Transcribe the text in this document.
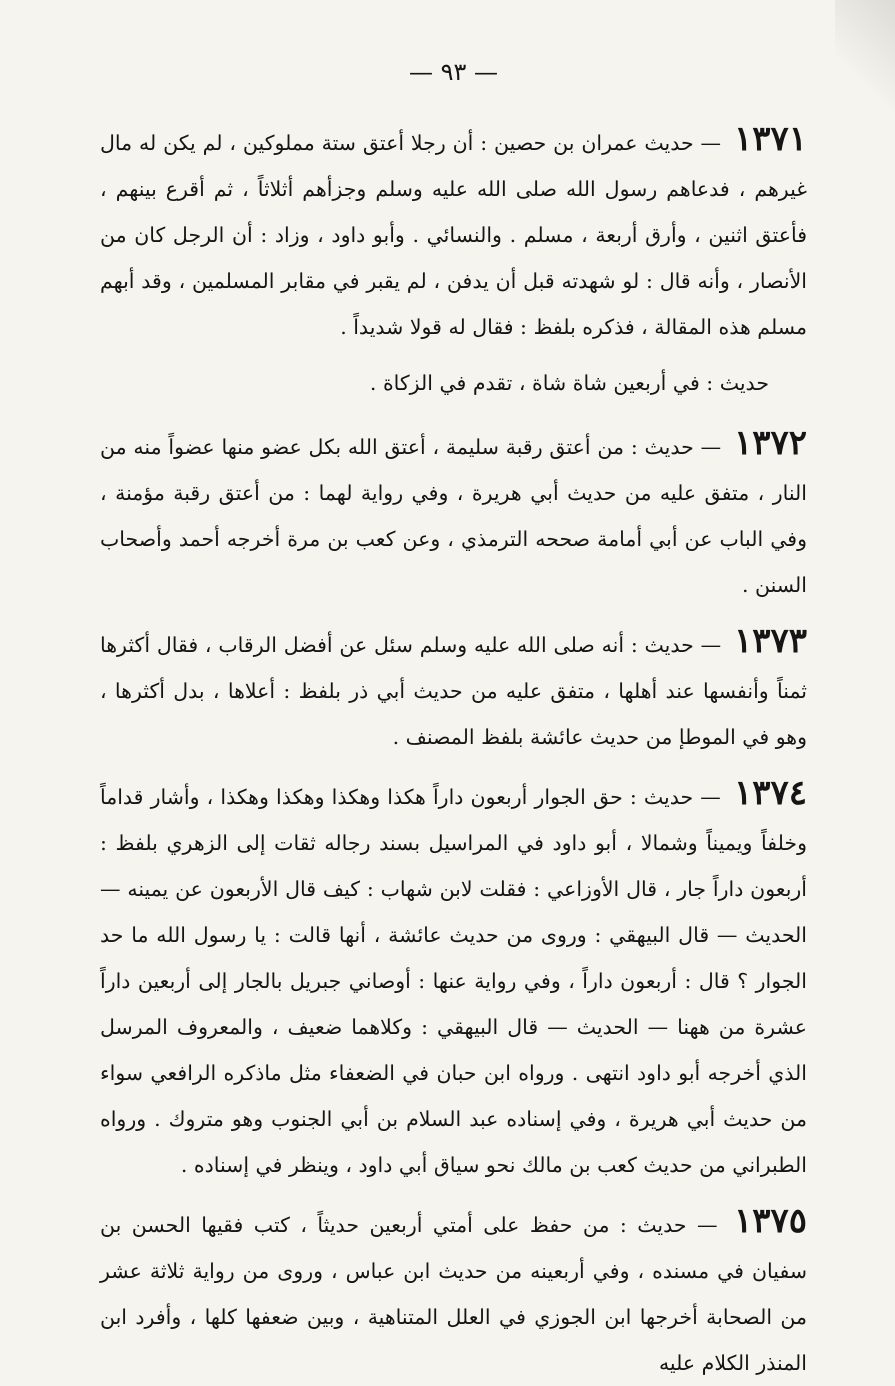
— ٩٣ —

١٣٧١ — حديث عمران بن حصين : أن رجلا أعتق ستة مملوكين ، لم يكن له مال غيرهم ، فدعاهم رسول الله صلى الله عليه وسلم وجزأهم أثلاثاً ، ثم أقرع بينهم ، فأعتق اثنين ، وأرق أربعة ، مسلم . والنسائي . وأبو داود ، وزاد : أن الرجل كان من الأنصار ، وأنه قال : لو شهدته قبل أن يدفن ، لم يقبر في مقابر المسلمين ، وقد أبهم مسلم هذه المقالة ، فذكره بلفظ : فقال له قولا شديداً .

حديث : في أربعين شاة شاة ، تقدم في الزكاة .

١٣٧٢ — حديث : من أعتق رقبة سليمة ، أعتق الله بكل عضو منها عضواً منه من النار ، متفق عليه من حديث أبي هريرة ، وفي رواية لهما : من أعتق رقبة مؤمنة ، وفي الباب عن أبي أمامة صححه الترمذي ، وعن كعب بن مرة أخرجه أحمد وأصحاب السنن .

١٣٧٣ — حديث : أنه صلى الله عليه وسلم سئل عن أفضل الرقاب ، فقال أكثرها ثمناً وأنفسها عند أهلها ، متفق عليه من حديث أبي ذر بلفظ : أعلاها ، بدل أكثرها ، وهو في الموطإ من حديث عائشة بلفظ المصنف .

١٣٧٤ — حديث : حق الجوار أربعون داراً هكذا وهكذا وهكذا وهكذا ، وأشار قداماً وخلفاً ويميناً وشمالا ، أبو داود في المراسيل بسند رجاله ثقات إلى الزهري بلفظ : أربعون داراً جار ، قال الأوزاعي : فقلت لابن شهاب : كيف قال الأربعون عن يمينه — الحديث — قال البيهقي : وروى من حديث عائشة ، أنها قالت : يا رسول الله ما حد الجوار ؟ قال : أربعون داراً ، وفي رواية عنها : أوصاني جبريل بالجار إلى أربعين داراً عشرة من ههنا — الحديث — قال البيهقي : وكلاهما ضعيف ، والمعروف المرسل الذي أخرجه أبو داود انتهى . ورواه ابن حبان في الضعفاء مثل ماذكره الرافعي سواء من حديث أبي هريرة ، وفي إسناده عبد السلام بن أبي الجنوب وهو متروك . ورواه الطبراني من حديث كعب بن مالك نحو سياق أبي داود ، وينظر في إسناده .

١٣٧٥ — حديث : من حفظ على أمتي أربعين حديثاً ، كتب فقيها الحسن بن سفيان في مسنده ، وفي أربعينه من حديث ابن عباس ، وروى من رواية ثلاثة عشر من الصحابة أخرجها ابن الجوزي في العلل المتناهية ، وبين ضعفها كلها ، وأفرد ابن المنذر الكلام عليه
